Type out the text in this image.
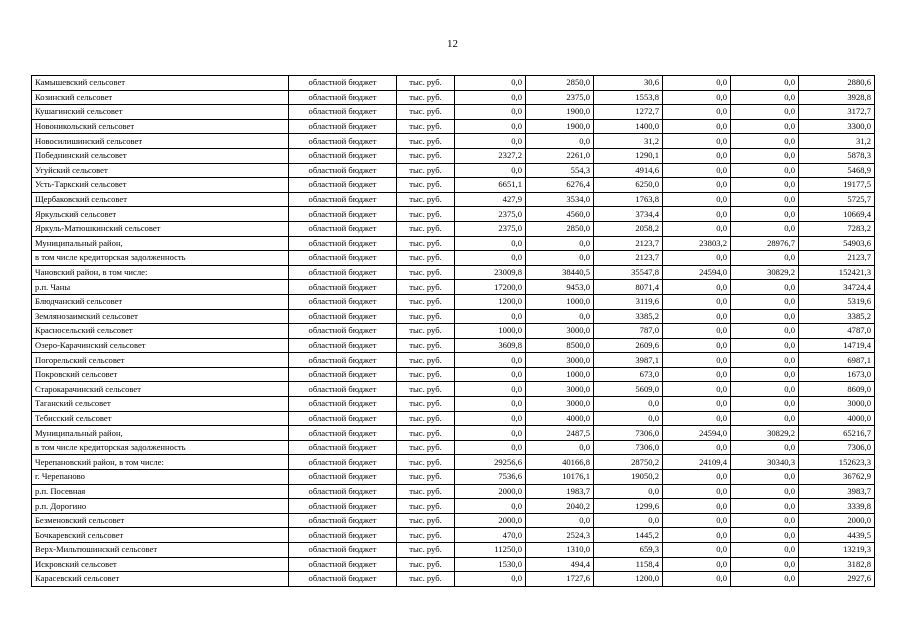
12
Камышевский сельсовет	областной бюджет	тыс. руб.	0,0	2850,0	30,6	0,0	0,0	2880,6
Козинский сельсовет	областной бюджет	тыс. руб.	0,0	2375,0	1553,8	0,0	0,0	3928,8
Кушагинский сельсовет	областной бюджет	тыс. руб.	0,0	1900,0	1272,7	0,0	0,0	3172,7
Новоникольский сельсовет	областной бюджет	тыс. руб.	0,0	1900,0	1400,0	0,0	0,0	3300,0
Новосилишинский сельсовет	областной бюджет	тыс. руб.	0,0	0,0	31,2	0,0	0,0	31,2
Победнинский сельсовет	областной бюджет	тыс. руб.	2327,2	2261,0	1290,1	0,0	0,0	5878,3
Угуйский сельсовет	областной бюджет	тыс. руб.	0,0	554,3	4914,6	0,0	0,0	5468,9
Усть-Таркский сельсовет	областной бюджет	тыс. руб.	6651,1	6276,4	6250,0	0,0	0,0	19177,5
Щербаковский сельсовет	областной бюджет	тыс. руб.	427,9	3534,0	1763,8	0,0	0,0	5725,7
Яркульский сельсовет	областной бюджет	тыс. руб.	2375,0	4560,0	3734,4	0,0	0,0	10669,4
Яркуль-Матюшкинский сельсовет	областной бюджет	тыс. руб.	2375,0	2850,0	2058,2	0,0	0,0	7283,2
Муниципальный район,	областной бюджет	тыс. руб.	0,0	0,0	2123,7	23803,2	28976,7	54903,6
в том числе кредиторская задолженность	областной бюджет	тыс. руб.	0,0	0,0	2123,7	0,0	0,0	2123,7
Чановский район, в том числе:	областной бюджет	тыс. руб.	23009,8	38440,5	35547,8	24594,0	30829,2	152421,3
р.п. Чаны	областной бюджет	тыс. руб.	17200,0	9453,0	8071,4	0,0	0,0	34724,4
Блюдчанский сельсовет	областной бюджет	тыс. руб.	1200,0	1000,0	3119,6	0,0	0,0	5319,6
Землянозаимский сельсовет	областной бюджет	тыс. руб.	0,0	0,0	3385,2	0,0	0,0	3385,2
Красносельский сельсовет	областной бюджет	тыс. руб.	1000,0	3000,0	787,0	0,0	0,0	4787,0
Озеро-Карачинский сельсовет	областной бюджет	тыс. руб.	3609,8	8500,0	2609,6	0,0	0,0	14719,4
Погорельский сельсовет	областной бюджет	тыс. руб.	0,0	3000,0	3987,1	0,0	0,0	6987,1
Покровский сельсовет	областной бюджет	тыс. руб.	0,0	1000,0	673,0	0,0	0,0	1673,0
Старокарачинский сельсовет	областной бюджет	тыс. руб.	0,0	3000,0	5609,0	0,0	0,0	8609,0
Таганский сельсовет	областной бюджет	тыс. руб.	0,0	3000,0	0,0	0,0	0,0	3000,0
Тебисский сельсовет	областной бюджет	тыс. руб.	0,0	4000,0	0,0	0,0	0,0	4000,0
Муниципальный район,	областной бюджет	тыс. руб.	0,0	2487,5	7306,0	24594,0	30829,2	65216,7
в том числе кредиторская задолженность	областной бюджет	тыс. руб.	0,0	0,0	7306,0	0,0	0,0	7306,0
Черепановский район, в том числе:	областной бюджет	тыс. руб.	29256,6	40166,8	28750,2	24109,4	30340,3	152623,3
г. Черепаново	областной бюджет	тыс. руб.	7536,6	10176,1	19050,2	0,0	0,0	36762,9
р.п. Посевная	областной бюджет	тыс. руб.	2000,0	1983,7	0,0	0,0	0,0	3983,7
р.п. Дорогино	областной бюджет	тыс. руб.	0,0	2040,2	1299,6	0,0	0,0	3339,8
Безменовский сельсовет	областной бюджет	тыс. руб.	2000,0	0,0	0,0	0,0	0,0	2000,0
Бочкаревский сельсовет	областной бюджет	тыс. руб.	470,0	2524,3	1445,2	0,0	0,0	4439,5
Верх-Мильтюшинский сельсовет	областной бюджет	тыс. руб.	11250,0	1310,0	659,3	0,0	0,0	13219,3
Искровский сельсовет	областной бюджет	тыс. руб.	1530,0	494,4	1158,4	0,0	0,0	3182,8
Карасевский сельсовет	областной бюджет	тыс. руб.	0,0	1727,6	1200,0	0,0	0,0	2927,6
